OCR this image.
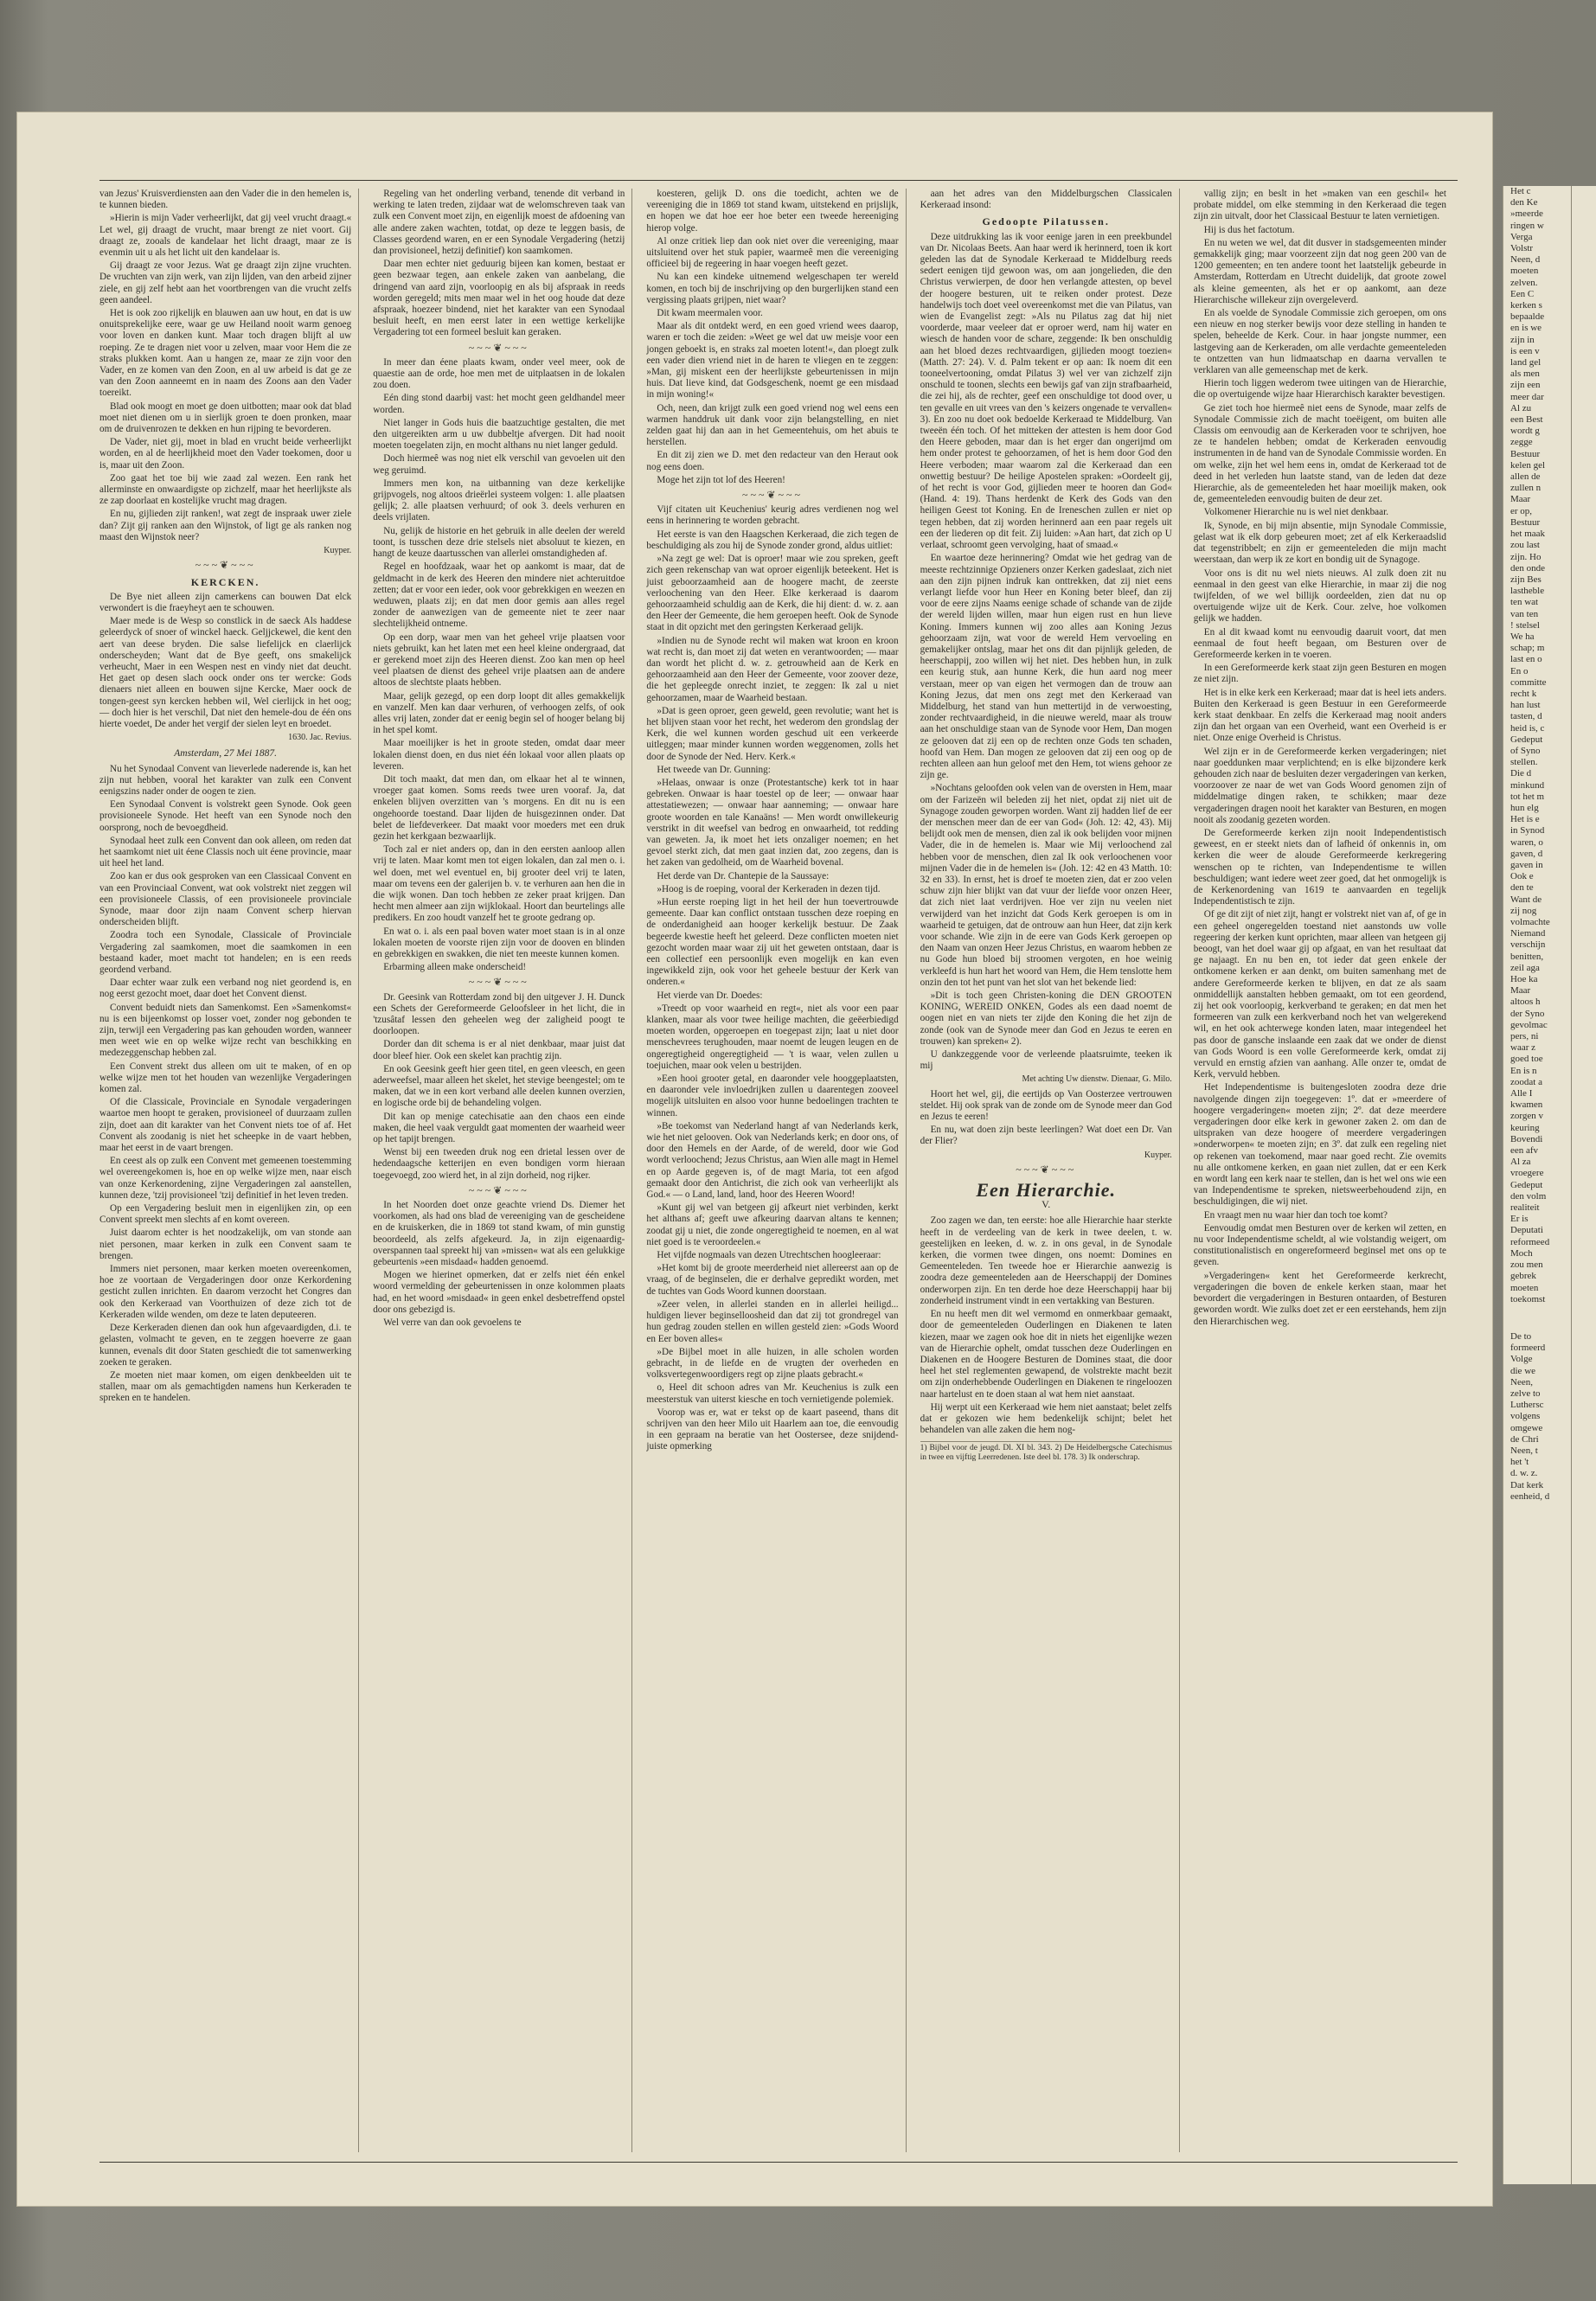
van Jezus' Kruisverdiensten aan den Vader die in den hemelen is, te kunnen bieden.

»Hierin is mijn Vader verheerlijkt, dat gij veel vrucht draagt.« Let wel, gij draagt de vrucht, maar brengt ze niet voort. Gij draagt ze, zooals de kandelaar het licht draagt, maar ze is evenmin uit u als het licht uit den kandelaar is.

Gij draagt ze voor Jezus. Wat ge draagt zijn zijne vruchten. De vruchten van zijn werk, van zijn lijden, van den arbeid zijner ziele, en gij zelf hebt aan het voortbrengen van die vrucht zelfs geen aandeel.

Het is ook zoo rijkelijk en blauwen aan uw hout, en dat is uw onuitsprekelijke eere, waar ge uw Heiland nooit warm genoeg voor loven en danken kunt. Maar toch dragen blijft al uw roeping. Ze te dragen niet voor u zelven, maar voor Hem die ze straks plukken komt. Aan u hangen ze, maar ze zijn voor den Vader, en ze komen van den Zoon, en al uw arbeid is dat ge ze van den Zoon aanneemt en in naam des Zoons aan den Vader toereikt.

Blad ook moogt en moet ge doen uitbotten; maar ook dat blad moet niet dienen om u in sierlijk groen te doen pronken, maar om de druivenrozen te dekken en hun rijping te bevorderen.

De Vader, niet gij, moet in blad en vrucht beide verheerlijkt worden, en al de heerlijkheid moet den Vader toekomen, door u is, maar uit den Zoon.

Zoo gaat het toe bij wie zaad zal wezen. Een rank het allerminste en onwaardigste op zichzelf, maar het heerlijkste als ze zap doorlaat en kostelijke vrucht mag dragen.

En nu, gijlieden zijt ranken!, wat zegt de inspraak uwer ziele dan? Zijt gij ranken aan den Wijnstok, of ligt ge als ranken nog maast den Wijnstok neer?

Kuyper.
~~~❦~~~
KERCKEN.

De Bye niet alleen zijn camerkens can bouwen Dat elck verwondert is die fraeyheyt aen te schouwen.

Maer mede is de Wesp so constlick in de saeck Als haddese geleerdyck of snoer of winckel haeck. Geljjckewel, die kent den aert van deese bryden. Die salse liefelijck en claerlijck onderscheyden; Want dat de Bye geeft, ons smakelijck verheucht, Maer in een Wespen nest en vindy niet dat deucht. Het gaet op desen slach oock onder ons ter wercke: Gods dienaers niet alleen en bouwen sijne Kercke, Maer oock de tongen-geest syn kercken hebben wil, Wel cierlijck in het oog; — doch hier is het verschil, Dat niet den hemele-dou de één ons hierte voedet, De ander het vergif der sielen leyt en broedet.

1630. Jac. Revius.
Amsterdam, 27 Mei 1887.

Nu het Synodaal Convent van lieverlede naderende is, kan het zijn nut hebben, vooral het karakter van zulk een Convent eenigszins nader onder de oogen te zien.

Een Synodaal Convent is volstrekt geen Synode. Ook geen provisioneele Synode. Het heeft van een Synode noch den oorsprong, noch de bevoegdheid.

Synodaal heet zulk een Convent dan ook alleen, om reden dat het saamkomt niet uit éene Classis noch uit éene provincie, maar uit heel het land.

Zoo kan er dus ook gesproken van een Classicaal Convent en van een Provinciaal Convent, wat ook volstrekt niet zeggen wil een provisioneele Classis, of een provisioneele provinciale Synode, maar door zijn naam Convent scherp hiervan onderscheiden blijft.

Zoodra toch een Synodale, Classicale of Provinciale Vergadering zal saamkomen, moet die saamkomen in een bestaand kader, moet macht tot handelen; en is een reeds geordend verband.

Daar echter waar zulk een verband nog niet geordend is, en nog eerst gezocht moet, daar doet het Convent dienst.

Convent beduidt niets dan Samenkomst. Een »Samenkomst« nu is een bijeenkomst op losser voet, zonder nog gebonden te zijn, terwijl een Vergadering pas kan gehouden worden, wanneer men weet wie en op welke wijze recht van beschikking en medezeggenschap hebben zal.

Een Convent strekt dus alleen om uit te maken, of en op welke wijze men tot het houden van wezenlijke Vergaderingen komen zal.

Of die Classicale, Provinciale en Synodale vergaderingen waartoe men hoopt te geraken, provisioneel of duurzaam zullen zijn, doet aan dit karakter van het Convent niets toe of af. Het Convent als zoodanig is niet het scheepke in de vaart hebben, maar het eerst in de vaart brengen.

En ceest als op zulk een Convent met gemeenen toestemming wel overeengekomen is, hoe en op welke wijze men, naar eisch van onze Kerkenordening, zijne Vergaderingen zal aanstellen, kunnen deze, 'tzij provisioneel 'tzij definitief in het leven treden.

Op een Vergadering besluit men in eigenlijken zin, op een Convent spreekt men slechts af en komt overeen.

Juist daarom echter is het noodzakelijk, om van stonde aan niet personen, maar kerken in zulk een Convent saam te brengen.

Immers niet personen, maar kerken moeten overeenkomen, hoe ze voortaan de Vergaderingen door onze Kerkordening gesticht zullen inrichten. En daarom verzocht het Congres dan ook den Kerkeraad van Voorthuizen of deze zich tot de Kerkeraden wilde wenden, om deze te laten deputeeren.

Deze Kerkeraden dienen dan ook hun afgevaardigden, d.i. te gelasten, volmacht te geven, en te zeggen hoeverre ze gaan kunnen, evenals dit door Staten geschiedt die tot samenwerking zoeken te geraken.

Ze moeten niet maar komen, om eigen denkbeelden uit te stallen, maar om als gemachtigden namens hun Kerkeraden te spreken en te handelen.

Regeling van het onderling verband, tenende dit verband in werking te laten treden, zijdaar wat de welomschreven taak van zulk een Convent moet zijn, en eigenlijk moest de afdoening van alle andere zaken wachten, totdat, op deze te leggen basis, de Classes geordend waren, en er een Synodale Vergadering (hetzij dan provisioneel, hetzij definitief) kon saamkomen.

Daar men echter niet geduurig bijeen kan komen, bestaat er geen bezwaar tegen, aan enkele zaken van aanbelang, die dringend van aard zijn, voorloopig en als bij afspraak in reeds worden geregeld; mits men maar wel in het oog houde dat deze afspraak, hoezeer bindend, niet het karakter van een Synodaal besluit heeft, en men eerst later in een wettige kerkelijke Vergadering tot een formeel besluit kan geraken.

~~~❦~~~

In meer dan éene plaats kwam, onder veel meer, ook de quaestie aan de orde, hoe men met de uitplaatsen in de lokalen zou doen.

Eén ding stond daarbij vast: het mocht geen geldhandel meer worden.

Niet langer in Gods huis die baatzuchtige gestalten, die met den uitgereikten arm u uw dubbeltje afvergen. Dit had nooit moeten toegelaten zijn, en mocht althans nu niet langer geduld.

Doch hiermeê was nog niet elk verschil van gevoelen uit den weg geruimd.

Immers men kon, na uitbanning van deze kerkelijke grijpvogels, nog altoos drieërlei systeem volgen: 1. alle plaatsen gelijk; 2. alle plaatsen verhuurd; of ook 3. deels verhuren en deels vrijlaten.

Nu, gelijk de historie en het gebruik in alle deelen der wereld toont, is tusschen deze drie stelsels niet absoluut te kiezen, en hangt de keuze daartusschen van allerlei omstandigheden af.

Regel en hoofdzaak, waar het op aankomt is maar, dat de geldmacht in de kerk des Heeren den mindere niet achteruitdoe zetten; dat er voor een ieder, ook voor gebrekkigen en weezen en weduwen, plaats zij; en dat men door gemis aan alles regel zonder de aanwezigen van de gemeente niet te zeer naar slechtelijkheid ontneme.

Op een dorp, waar men van het geheel vrije plaatsen voor niets gebruikt, kan het laten met een heel kleine ondergraad, dat er gerekend moet zijn des Heeren dienst. Zoo kan men op heel veel plaatsen de dienst des geheel vrije plaatsen aan de andere altoos de slechtste plaats hebben.

Maar, gelijk gezegd, op een dorp loopt dit alles gemakkelijk en vanzelf. Men kan daar verhuren, of verhoogen zelfs, of ook alles vrij laten, zonder dat er eenig begin sel of hooger belang bij in het spel komt.

Maar moeilijker is het in groote steden, omdat daar meer lokalen dienst doen, en dus niet één lokaal voor allen plaats op leveren.

Dit toch maakt, dat men dan, om elkaar het al te winnen, vroeger gaat komen. Soms reeds twee uren vooraf. Ja, dat enkelen blijven overzitten van 's morgens. En dit nu is een ongehoorde toestand. Daar lijden de huisgezinnen onder. Dat belet de liefdeverkeer. Dat maakt voor moeders met een druk gezin het kerkgaan bezwaarlijk.

Toch zal er niet anders op, dan in den eersten aanloop allen vrij te laten. Maar komt men tot eigen lokalen, dan zal men o. i. wel doen, met wel eventuel en, bij grooter deel vrij te laten, maar om tevens een der galerijen b. v. te verhuren aan hen die in die wijk wonen. Dan toch hebben ze zeker praat krijgen. Dan hecht men almeer aan zijn wijklokaal. Hoort dan beurtelings alle predikers. En zoo houdt vanzelf het te groote gedrang op.

En wat o. i. als een paal boven water moet staan is in al onze lokalen moeten de voorste rijen zijn voor de dooven en blinden en gebrekkigen en swakken, die niet ten meeste kunnen komen.

Erbarming alleen make onderscheid!

~~~❦~~~

Dr. Geesink van Rotterdam zond bij den uitgever J. H. Dunck een Schets der Gereformeerde Geloofsleer in het licht, die in 'tzusâtaf lessen den geheelen weg der zaligheid poogt te doorloopen.

Dorder dan dit schema is er al niet denkbaar, maar juist dat door bleef hier. Ook een skelet kan prachtig zijn.

En ook Geesink geeft hier geen titel, en geen vleesch, en geen aderweefsel, maar alleen het skelet, het stevige beengestel; om te maken, dat we in een kort verband alle deelen kunnen overzien, en logische orde bij de behandeling volgen.

Dit kan op menige catechisatie aan den chaos een einde maken, die heel vaak verguldt gaat momenten der waarheid weer op het tapijt brengen.

Wenst bij een tweeden druk nog een drietal lessen over de hedendaagsche ketterijen en even bondigen vorm hieraan toegevoegd, zoo wierd het, in al zijn dorheid, nog rijker.

~~~❦~~~

In het Noorden doet onze geachte vriend Ds. Diemer het voorkomen, als had ons blad de vereeniging van de gescheidene en de kruiskerken, die in 1869 tot stand kwam, of min gunstig beoordeeld, als zelfs afgekeurd. Ja, in zijn eigenaardig-overspannen taal spreekt hij van »missen« wat als een gelukkige gebeurtenis »een misdaad« hadden genoemd.

Mogen we hierinet opmerken, dat er zelfs niet één enkel woord vermelding der gebeurtenissen in onze kolommen plaats had, en het woord »misdaad« in geen enkel desbetreffend opstel door ons gebezigd is.

Wel verre van dan ook gevoelens te

koesteren, gelijk D. ons die toedicht, achten we de vereeniging die in 1869 tot stand kwam, uitstekend en prijslijk, en hopen we dat hoe eer hoe beter een tweede hereeniging hierop volge.

Al onze critiek liep dan ook niet over die vereeniging, maar uitsluitend over het stuk papier, waarmeê men die vereeniging officieel bij de regeering in haar voegen heeft gezet.

Nu kan een kindeke uitnemend welgeschapen ter wereld komen, en toch bij de inschrijving op den burgerlijken stand een vergissing plaats grijpen, niet waar?

Dit kwam meermalen voor.

Maar als dit ontdekt werd, en een goed vriend wees daarop, waren er toch die zeiden: »Weet ge wel dat uw meisje voor een jongen geboekt is, en straks zal moeten lotent!«, dan ploegt zulk een vader dien vriend niet in de haren te vliegen en te zeggen: »Man, gij miskent een der heerlijkste gebeurtenissen in mijn huis. Dat lieve kind, dat Godsgeschenk, noemt ge een misdaad in mijn woning!«

Och, neen, dan krijgt zulk een goed vriend nog wel eens een warmen handdruk uit dank voor zijn belangstelling, en niet zelden gaat hij dan aan in het Gemeentehuis, om het abuis te herstellen.

En dit zij zien we D. met den redacteur van den Heraut ook nog eens doen.

Moge het zijn tot lof des Heeren!

~~~❦~~~

Vijf citaten uit Keuchenius' keurig adres verdienen nog wel eens in herinnering te worden gebracht.

Het eerste is van den Haagschen Kerkeraad, die zich tegen de beschuldiging als zou hij de Synode zonder grond, aldus uitliet:

»Na zegt ge wel: Dat is oproer! maar wie zou spreken, geeft zich geen rekenschap van wat oproer eigenlijk beteekent. Het is juist geboorzaamheid aan de hoogere macht, de zeerste verloochening van den Heer. Elke kerkeraad is daarom gehoorzaamheid schuldig aan de Kerk, die hij dient: d. w. z. aan den Heer der Gemeente, die hem geroepen heeft. Ook de Synode staat in dit opzicht met den geringsten Kerkeraad gelijk.

»Indien nu de Synode recht wil maken wat kroon en kroon wat recht is, dan moet zij dat weten en verantwoorden; — maar dan wordt het plicht d. w. z. getrouwheid aan de Kerk en gehoorzaamheid aan den Heer der Gemeente, voor zoover deze, die het gepleegde onrecht inziet, te zeggen: Ik zal u niet gehoorzamen, maar de Waarheid bestaan.

»Dat is geen oproer, geen geweld, geen revolutie; want het is het blijven staan voor het recht, het wederom den grondslag der Kerk, die wel kunnen worden geschud uit een verkeerde uitleggen; maar minder kunnen worden weggenomen, zolls het door de Synode der Ned. Herv. Kerk.«

Het tweede van Dr. Gunning:

»Helaas, onwaar is onze (Protestantsche) kerk tot in haar gebreken. Onwaar is haar toestel op de leer; — onwaar haar attestatiewezen; — onwaar haar aanneming; — onwaar hare groote woorden en tale Kanaäns! — Men wordt onwillekeurig verstrikt in dit weefsel van bedrog en onwaarheid, tot redding van geweten. Ja, ik moet het iets onzaliger noemen; en het gevoel sterkt zich, dat men gaat inzien dat, zoo zegens, dan is het zaken van gedolheid, om de Waarheid bovenal.

Het derde van Dr. Chantepie de la Saussaye:

»Hoog is de roeping, vooral der Kerkeraden in dezen tijd.

»Hun eerste roeping ligt in het heil der hun toevertrouwde gemeente. Daar kan conflict ontstaan tusschen deze roeping en de onderdanigheid aan hooger kerkelijk bestuur. De Zaak begeerde kwestie heeft het geleerd. Deze conflicten moeten niet gezocht worden maar waar zij uit het geweten ontstaan, daar is een collectief een persoonlijk even mogelijk en kan even ingewikkeld zijn, ook voor het geheele bestuur der Kerk van onderen.«

Het vierde van Dr. Doedes:

»Treedt op voor waarheid en regt«, niet als voor een paar klanken, maar als voor twee heilige machten, die geëerbiedigd moeten worden, opgeroepen en toegepast zijn; laat u niet door menschevrees terughouden, maar noemt de leugen leugen en de ongeregtigheid ongeregtigheid — 't is waar, velen zullen u toejuichen, maar ook velen u bestrijden.

»Een hooi grooter getal, en daaronder vele hooggeplaatsten, en daaronder vele invloedrijken zullen u daarentegen zooveel mogelijk uitsluiten en alsoo voor hunne bedoelingen trachten te winnen.

»Be toekomst van Nederland hangt af van Nederlands kerk, wie het niet gelooven. Ook van Nederlands kerk; en door ons, of door den Hemels en der Aarde, of de wereld, door wie God wordt verloochend; Jezus Christus, aan Wien alle magt in Hemel en op Aarde gegeven is, of de magt Maria, tot een afgod gemaakt door den Antichrist, die zich ook van verheerlijkt als God.« — o Land, land, land, hoor des Heeren Woord!

»Kunt gij wel van betgeen gij afkeurt niet verbinden, kerkt het althans af; geeft uwe afkeuring daarvan altans te kennen; zoodat gij u niet, die zonde ongeregtigheid te noemen, en al wat niet goed is te veroordeelen.«

Het vijfde nogmaals van dezen Utrechtschen hoogleeraar:

»Het komt bij de groote meerderheid niet allereerst aan op de vraag, of de beginselen, die er derhalve gepredikt worden, met de tuchtes van Gods Woord kunnen doorstaan.

»Zeer velen, in allerlei standen en in allerlei heiligd... huldigen liever beginselloosheid dan dat zij tot grondregel van hun gedrag zouden stellen en willen gesteld zien: »Gods Woord en Eer boven alles«

»De Bijbel moet in alle huizen, in alle scholen worden gebracht, in de liefde en de vrugten der overheden en volksvertegenwoordigers regt op zijne plaats gebracht.«

o, Heel dit schoon adres van Mr. Keuchenius is zulk een meesterstuk van uiterst kiesche en toch vernietigende polemiek.

Voorop was er, wat er tekst op de kaart paseend, thans dit schrijven van den heer Milo uit Haarlem aan toe, die eenvoudig in een gepraam na beratie van het Oostersee, deze snijdend-juiste opmerking

aan het adres van den Middelburgschen Classicalen Kerkeraad insond:

Gedoopte Pilatussen.

Deze uitdrukking las ik voor eenige jaren in een preekbundel van Dr. Nicolaas Beets. Aan haar werd ik herinnerd, toen ik kort geleden las dat de Synodale Kerkeraad te Middelburg reeds sedert eenigen tijd gewoon was, om aan jongelieden, die den Christus verwierpen, de door hen verlangde attesten, op bevel der hoogere besturen, uit te reiken onder protest. Deze handelwijs toch doet veel overeenkomst met die van Pilatus, van wien de Evangelist zegt: »Als nu Pilatus zag dat hij niet voorderde, maar veeleer dat er oproer werd, nam hij water en wiesch de handen voor de schare, zeggende: Ik ben onschuldig aan het bloed dezes rechtvaardigen, gijlieden moogt toezien« (Matth. 27: 24). V. d. Palm tekent er op aan: Ik noem dit een tooneelvertooning, omdat Pilatus 3) wel ver van zichzelf zijn onschuld te toonen, slechts een bewijs gaf van zijn strafbaarheid, die zei hij, als de rechter, geef een onschuldige tot dood over, u ten gevalle en uit vrees van den 's keizers ongenade te vervallen« 3). En zoo nu doet ook bedoelde Kerkeraad te Middelburg. Van tweeën één toch. Of het mitteken der attesten is hem door God den Heere geboden, maar dan is het erger dan ongerijmd om hem onder protest te gehoorzamen, of het is hem door God den Heere verboden; maar waarom zal die Kerkeraad dan een onwettig bestuur? De heilige Apostelen spraken: »Oordeelt gij, of het recht is voor God, gijlieden meer te hooren dan God« (Hand. 4: 19). Thans herdenkt de Kerk des Gods van den heiligen Geest tot Koning. En de Ireneschen zullen er niet op tegen hebben, dat zij worden herinnerd aan een paar regels uit een der liederen op dit feit. Zij luiden: »Aan hart, dat zich op U verlaat, schroomt geen vervolging, haat of smaad.«

En waartoe deze herinnering? Omdat wie het gedrag van de meeste rechtzinnige Opzieners onzer Kerken gadeslaat, zich niet aan den zijn pijnen indruk kan onttrekken, dat zij niet eens verlangt liefde voor hun Heer en Koning beter bleef, dan zij voor de eere zijns Naams eenige schade of schande van de zijde der wereld lijden willen, maar hun eigen rust en hun lieve Koning. Immers kunnen wij zoo alles aan Koning Jezus gehoorzaam zijn, wat voor de wereld Hem vervoeling en gemakelijker ontslag, maar het ons dit dan pijnlijk geleden, de heerschappij, zoo willen wij het niet. Des hebben hun, in zulk een keurig stuk, aan hunne Kerk, die hun aard nog meer verstaan, meer op van eigen het vermogen dan de trouw aan Koning Jezus, dat men ons zegt met den Kerkeraad van Middelburg, het stand van hun mettertijd in de verwoesting, zonder rechtvaardigheid, in die nieuwe wereld, maar als trouw aan het onschuldige staan van de Synode voor Hem, Dan mogen ze gelooven dat zij een op de rechten onze Gods ten schaden, hoofd van Hem. Dan mogen ze gelooven dat zij een oog op de rechten alleen aan hun geloof met den Hem, tot wiens gehoor ze zijn ge.

»Nochtans geloofden ook velen van de oversten in Hem, maar om der Farizeën wil beleden zij het niet, opdat zij niet uit de Synagoge zouden geworpen worden. Want zij hadden lief de eer der menschen meer dan de eer van God« (Joh. 12: 42, 43). Mij belijdt ook men de mensen, dien zal ik ook belijden voor mijnen Vader, die in de hemelen is. Maar wie Mij verloochend zal hebben voor de menschen, dien zal Ik ook verloochenen voor mijnen Vader die in de hemelen is« (Joh. 12: 42 en 43 Matth. 10: 32 en 33). In ernst, het is droef te moeten zien, dat er zoo velen schuw zijn hier blijkt van dat vuur der liefde voor onzen Heer, dat zich niet laat verdrijven. Hoe ver zijn nu veelen niet verwijderd van het inzicht dat Gods Kerk geroepen is om in waarheid te getuigen, dat de ontrouw aan hun Heer, dat zijn kerk voor schande. Wie zijn in de eere van Gods Kerk geroepen op den Naam van onzen Heer Jezus Christus, en waarom hebben ze nu Gode hun bloed bij stroomen vergoten, en hoe weinig verkleefd is hun hart het woord van Hem, die Hem tenslotte hem onzin den tot het punt van het slot van het bekende lied:

»Dit is toch geen Christen-koning die DEN GROOTEN KONING, WEREID ONKEN, Godes als een daad noemt de oogen niet en van niets ter zijde den Koning die het zijn de zonde (ook van de Synode meer dan God en Jezus te eeren en trouwen) kan spreken« 2).

U dankzeggende voor de verleende plaatsruimte, teeken ik mij

Met achting Uw dienstw. Dienaar, G. Milo.

Hoort het wel, gij, die eertijds op Van Oosterzee vertrouwen steldet. Hij ook sprak van de zonde om de Synode meer dan God en Jezus te eeren!

En nu, wat doen zijn beste leerlingen? Wat doet een Dr. Van der Flier?

Kuyper.
~~~❦~~~
Een Hierarchie.
V.

Zoo zagen we dan, ten eerste: hoe alle Hierarchie haar sterkte heeft in de verdeeling van de kerk in twee deelen, t. w. geestelijken en leeken, d. w. z. in ons geval, in de Synodale kerken, die vormen twee dingen, ons noemt: Domines en Gemeenteleden. Ten tweede hoe er Hierarchie aanwezig is zoodra deze gemeenteleden aan de Heerschappij der Domines onderworpen zijn. En ten derde hoe deze Heerschappij haar bij zonderheid instrument vindt in een vertakking van Besturen.

En nu heeft men dit wel vermomd en onmerkbaar gemaakt, door de gemeenteleden Ouderlingen en Diakenen te laten kiezen, maar we zagen ook hoe dit in niets het eigenlijke wezen van de Hierarchie ophelt, omdat tusschen deze Ouderlingen en Diakenen en de Hoogere Besturen de Domines staat, die door heel het stel reglementen gewapend, de volstrekte macht bezit om zijn onderhebbende Ouderlingen en Diakenen te ringeloozen naar hartelust en te doen staan al wat hem niet aanstaat.

Hij werpt uit een Kerkeraad wie hem niet aanstaat; belet zelfs dat er gekozen wie hem bedenkelijk schijnt; belet het behandelen van alle zaken die hem nog-

1) Bijbel voor de jeugd. Dl. XI bl. 343. 2) De Heidelbergsche Catechismus in twee en vijftig Leerredenen. Iste deel bl. 178. 3) Ik onderschrap.

vallig zijn; en beslt in het »maken van een geschil« het probate middel, om elke stemming in den Kerkeraad die tegen zijn zin uitvalt, door het Classicaal Bestuur te laten vernietigen.

Hij is dus het factotum.

En nu weten we wel, dat dit dusver in stadsgemeenten minder gemakkelijk ging; maar voorzeent zijn dat nog geen 200 van de 1200 gemeenten; en ten andere toont het laatstelijk gebeurde in Amsterdam, Rotterdam en Utrecht duidelijk, dat groote zowel als kleine gemeenten, als het er op aankomt, aan deze Hierarchische willekeur zijn overgeleverd.

En als voelde de Synodale Commissie zich geroepen, om ons een nieuw en nog sterker bewijs voor deze stelling in handen te spelen, beheelde de Kerk. Cour. in haar jongste nummer, een lastgeving aan de Kerkeraden, om alle verdachte gemeenteleden te ontzetten van hun lidmaatschap en daarna vervallen te verklaren van alle gemeenschap met de kerk.

Hierin toch liggen wederom twee uitingen van de Hierarchie, die op overtuigende wijze haar Hierarchisch karakter bevestigen.

Ge ziet toch hoe hiermeê niet eens de Synode, maar zelfs de Synodale Commissie zich de macht toeëigent, om buiten alle Classis om eenvoudig aan de Kerkeraden voor te schrijven, hoe ze te handelen hebben; omdat de Kerkeraden eenvoudig instrumenten in de hand van de Synodale Commissie worden. En om welke, zijn het wel hem eens in, omdat de Kerkeraad tot de deed in het verleden hun laatste stand, van de leden dat deze Hierarchie, als de gemeenteleden het haar moeilijk maken, ook de, gemeenteleden eenvoudig buiten de deur zet.

Volkomener Hierarchie nu is wel niet denkbaar.

Ik, Synode, en bij mijn absentie, mijn Synodale Commissie, gelast wat ik elk dorp gebeuren moet; zet af elk Kerkeraadslid dat tegenstribbelt; en zijn er gemeenteleden die mijn macht weerstaan, dan werp ik ze kort en bondig uit de Synagoge.

Voor ons is dit nu wel niets nieuws. Al zulk doen zit nu eenmaal in den geest van elke Hierarchie, in maar zij die nog twijfelden, of we wel billijk oordeelden, zien dat nu op overtuigende wijze uit de Kerk. Cour. zelve, hoe volkomen gelijk we hadden.

En al dit kwaad komt nu eenvoudig daaruit voort, dat men eenmaal de fout heeft begaan, om Besturen over de Gereformeerde kerken in te voeren.

In een Gereformeerde kerk staat zijn geen Besturen en mogen ze niet zijn.

Het is in elke kerk een Kerkeraad; maar dat is heel iets anders. Buiten den Kerkeraad is geen Bestuur in een Gereformeerde kerk staat denkbaar. En zelfs die Kerkeraad mag nooit anders zijn dan het orgaan van een Overheid, want een Overheid is er niet. Onze enige Overheid is Christus.

Wel zijn er in de Gereformeerde kerken vergaderingen; niet naar goeddunken maar verplichtend; en is elke bijzondere kerk gehouden zich naar de besluiten dezer vergaderingen van kerken, voorzoover ze naar de wet van Gods Woord genomen zijn of middelmatige dingen raken, te schikken; maar deze vergaderingen dragen nooit het karakter van Besturen, en mogen nooit als zoodanig gezeten worden.

De Gereformeerde kerken zijn nooit Independentistisch geweest, en er steekt niets dan of lafheid óf onkennis in, om kerken die weer de aloude Gereformeerde kerkregering wenschen op te richten, van Independentisme te willen beschuldigen; want iedere weet zeer goed, dat het onmogelijk is de Kerkenordening van 1619 te aanvaarden en tegelijk Independentistisch te zijn.

Of ge dit zijt of niet zijt, hangt er volstrekt niet van af, of ge in een geheel ongeregelden toestand niet aanstonds uw volle regeering der kerken kunt oprichten, maar alleen van hetgeen gij beoogt, van het doel waar gij op afgaat, en van het resultaat dat ge najaagt. En nu ben en, tot ieder dat geen enkele der ontkomene kerken er aan denkt, om buiten samenhang met de andere Gereformeerde kerken te blijven, en dat ze als saam onmiddellijk aanstalten hebben gemaakt, om tot een geordend, zij het ook voorloopig, kerkverband te geraken; en dat men het formeeren van zulk een kerkverband noch het van welgerekend wil, en het ook achterwege konden laten, maar integendeel het pas door de gansche inslaande een zaak dat we onder de dienst van Gods Woord is een volle Gereformeerde kerk, omdat zij vervuld en ernstig afzien van aanhang. Alle onzer te, omdat de Kerk, vervuld hebben.

Het Independentisme is buitengesloten zoodra deze drie navolgende dingen zijn toegegeven: 1º. dat er »meerdere of hoogere vergaderingen« moeten zijn; 2º. dat deze meerdere vergaderingen door elke kerk in gewoner zaken 2. om dan de uitspraken van deze hoogere of meerdere vergaderingen »onderworpen« te moeten zijn; en 3º. dat zulk een regeling niet op rekenen van toekomend, maar naar goed recht. Zie ovemits nu alle ontkomene kerken, en gaan niet zullen, dat er een Kerk en wordt lang een kerk naar te stellen, dan is het wel ons wie een van Independentisme te spreken, nietsweerbehoudend zijn, en beschuldigingen, die wij niet.

En vraagt men nu waar hier dan toch toe komt?

Eenvoudig omdat men Besturen over de kerken wil zetten, en nu voor Independentisme scheldt, al wie volstandig weigert, om constitutionalistisch en ongereformeerd beginsel met ons op te geven.

»Vergaderingen« kent het Gereformeerde kerkrecht, vergaderingen die boven de enkele kerken staan, maar het bevordert die vergaderingen in Besturen ontaarden, of Besturen geworden wordt. Wie zulks doet zet er een eerstehands, hem zijn den Hierarchischen weg.

Het c
den Ke
»meerde
ringen w
Verga
Volstr
Neen, d
moeten
zelven.
Een C
kerken s
bepaalde
en is we
zijn in
is een v
land gel
als men
zijn een
meer dar
Al zu
een Best
wordt g
zegge
Bestuur
kelen gel
allen de
zullen n
Maar
er op,
Bestuur
het maak
zou last
zijn. Ho
den onde
zijn Bes
lastheble
ten wat
van ten
! stelsel
We ha
schap; m
last en o
En o
committe
recht k
han lust
tasten, d
heid is, c
Gedeput
of Syno
stellen.
Die d
minkund
tot het m
hun elg
Het is e
in Synod
waren, o
gaven, d
gaven in
Ook e
den te
Want de
zij nog
volmachte
Niemand
verschijn
benitten,
zeil aga
Hoe ka
Maar
altoos h
der Syno
gevolmac
pers, ni
waar z
goed toe
En is n
zoodat a
Alle I
kwamen
zorgen v
keuring
Bovendi
een afv
Al za
vroegere
Gedeput
den volm
realiteit
Er is
Deputati
reformeed
Moch
zou men
gebrek
moeten
toekomst
De to
formeerd
Volge
die we
Neen,
zelve to
Luthersc
volgens
omgewe
de Chri
Neen, t
het 't
d. w. z.
Dat kerk
eenheid, d
